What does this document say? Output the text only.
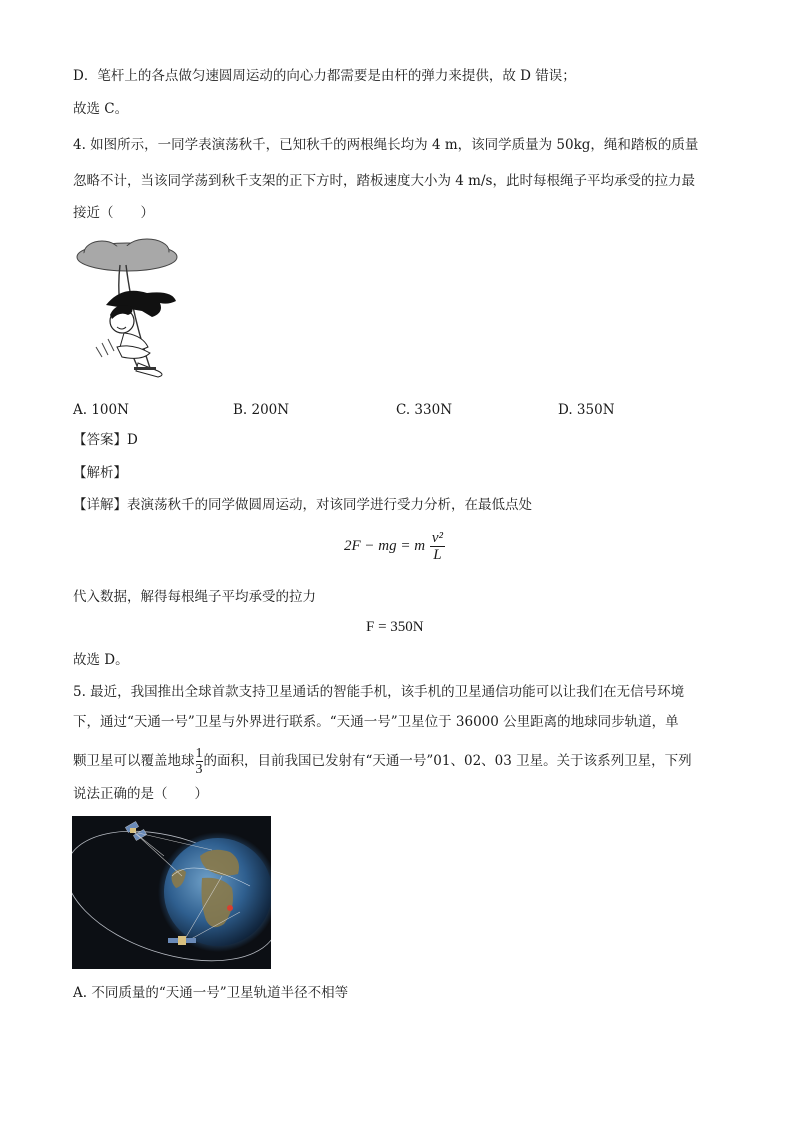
D．笔杆上的各点做匀速圆周运动的向心力都需要是由杆的弹力来提供，故 D 错误；
故选 C。
4. 如图所示，一同学表演荡秋千，已知秋千的两根绳长均为 4 m，该同学质量为 50kg，绳和踏板的质量
忽略不计，当该同学荡到秋千支架的正下方时，踏板速度大小为 4 m/s，此时每根绳子平均承受的拉力最
接近（　　）
A. 100N	B. 200N	C. 330N	D. 350N
【答案】D
【解析】
【详解】表演荡秋千的同学做圆周运动，对该同学进行受力分析，在最低点处
2F − mg = m $\frac{\text{v²}}{L}$
代入数据，解得每根绳子平均承受的拉力
F = 350N
故选 D。
5. 最近，我国推出全球首款支持卫星通话的智能手机，该手机的卫星通信功能可以让我们在无信号环境
下，通过“天通一号”卫星与外界进行联系。“天通一号”卫星位于 36000 公里距离的地球同步轨道，单
颗卫星可以覆盖地球 $\frac{1}{3}$ 的面积，目前我国已发射有“天通一号”01、02、03 卫星。关于该系列卫星，下列
说法正确的是（　　）
A. 不同质量的“天通一号”卫星轨道半径不相等
